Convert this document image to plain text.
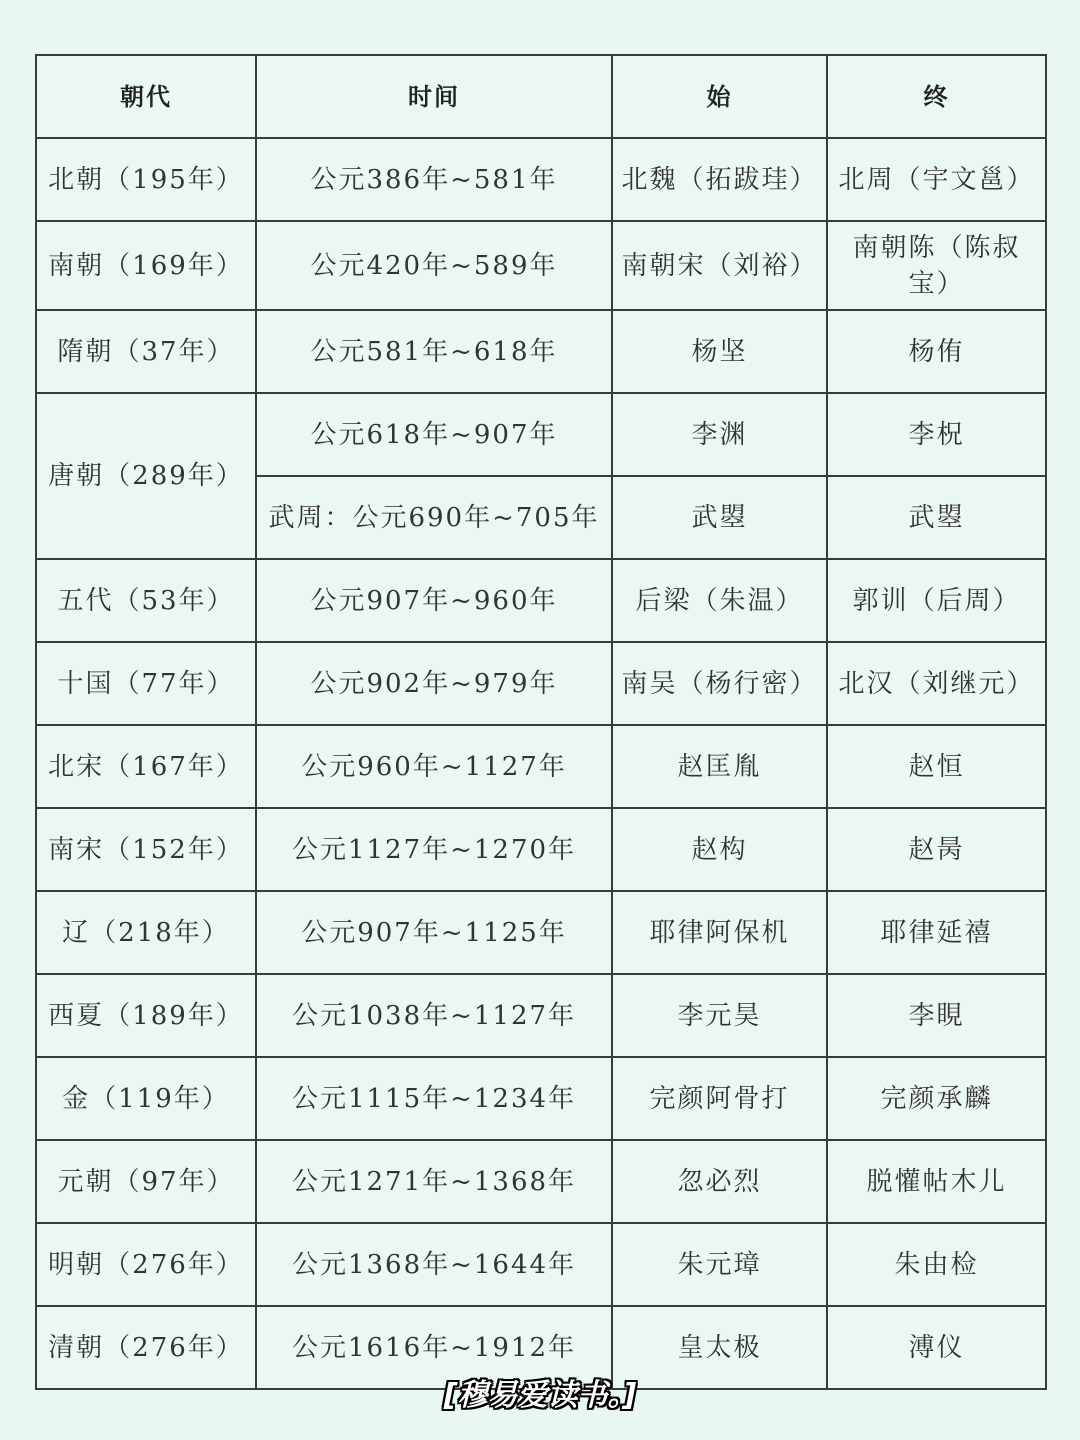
朝代	时间	始	终
北朝（195年）	公元386年~581年	北魏（拓跋珪）	北周（宇文邕）
南朝（169年）	公元420年~589年	南朝宋（刘裕）	南朝陈（陈叔宝）
隋朝（37年）	公元581年~618年	杨坚	杨侑
唐朝（289年）	公元618年~907年	李渊	李柷
	武周：公元690年~705年	武曌	武曌
五代（53年）	公元907年~960年	后梁（朱温）	郭训（后周）
十国（77年）	公元902年~979年	南吴（杨行密）	北汉（刘继元）
北宋（167年）	公元960年~1127年	赵匡胤	赵恒
南宋（152年）	公元1127年~1270年	赵构	赵昺
辽（218年）	公元907年~1125年	耶律阿保机	耶律延禧
西夏（189年）	公元1038年~1127年	李元昊	李睍
金（119年）	公元1115年~1234年	完颜阿骨打	完颜承麟
元朝（97年）	公元1271年~1368年	忽必烈	脱懽帖木儿
明朝（276年）	公元1368年~1644年	朱元璋	朱由检
清朝（276年）	公元1616年~1912年	皇太极	溥仪
[穆易爱读书。]
